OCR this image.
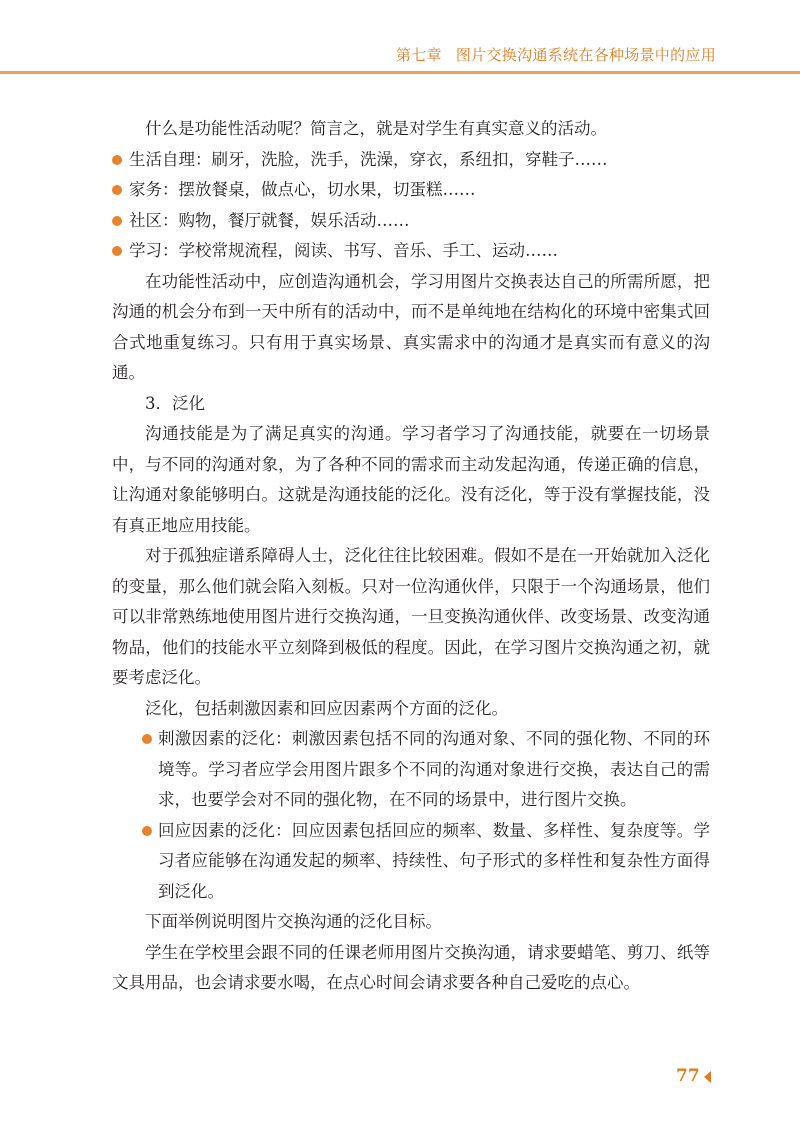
第七章 图片交换沟通系统在各种场景中的应用

什么是功能性活动呢？简言之，就是对学生有真实意义的活动。

生活自理：刷牙，洗脸，洗手，洗澡，穿衣，系纽扣，穿鞋子……

家务：摆放餐桌，做点心，切水果，切蛋糕……

社区：购物，餐厅就餐，娱乐活动……

学习：学校常规流程，阅读、书写、音乐、手工、运动……

在功能性活动中，应创造沟通机会，学习用图片交换表达自己的所需所愿，把沟通的机会分布到一天中所有的活动中，而不是单纯地在结构化的环境中密集式回合式地重复练习。只有用于真实场景、真实需求中的沟通才是真实而有意义的沟通。

3．泛化

沟通技能是为了满足真实的沟通。学习者学习了沟通技能，就要在一切场景中，与不同的沟通对象，为了各种不同的需求而主动发起沟通，传递正确的信息，让沟通对象能够明白。这就是沟通技能的泛化。没有泛化，等于没有掌握技能，没有真正地应用技能。

对于孤独症谱系障碍人士，泛化往往比较困难。假如不是在一开始就加入泛化的变量，那么他们就会陷入刻板。只对一位沟通伙伴，只限于一个沟通场景，他们可以非常熟练地使用图片进行交换沟通，一旦变换沟通伙伴、改变场景、改变沟通物品，他们的技能水平立刻降到极低的程度。因此，在学习图片交换沟通之初，就要考虑泛化。

泛化，包括刺激因素和回应因素两个方面的泛化。

刺激因素的泛化：刺激因素包括不同的沟通对象、不同的强化物、不同的环境等。学习者应学会用图片跟多个不同的沟通对象进行交换，表达自己的需求，也要学会对不同的强化物，在不同的场景中，进行图片交换。

回应因素的泛化：回应因素包括回应的频率、数量、多样性、复杂度等。学习者应能够在沟通发起的频率、持续性、句子形式的多样性和复杂性方面得到泛化。

下面举例说明图片交换沟通的泛化目标。

学生在学校里会跟不同的任课老师用图片交换沟通，请求要蜡笔、剪刀、纸等文具用品，也会请求要水喝，在点心时间会请求要各种自己爱吃的点心。

77
